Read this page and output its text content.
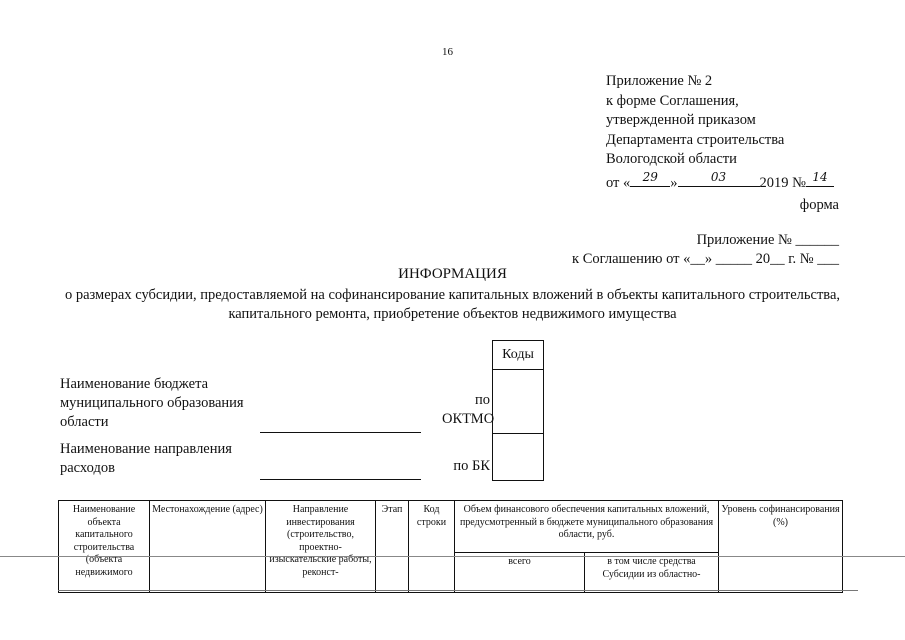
16
Приложение № 2
к форме Соглашения,
утвержденной приказом
Департамента строительства
Вологодской области
от «	29 »	03	2019 № 14
форма
Приложение № ______
к Соглашению от «__» _____ 20__ г. № ___
ИНФОРМАЦИЯ
о размерах субсидии, предоставляемой на софинансирование капитальных вложений в объекты капитального строительства, капитального ремонта, приобретение объектов недвижимого имущества
Коды

Наименование бюджета муниципального образования области
по ОКТМО
Наименование направления расходов	по БК
Наименование объекта капитального строительства (объекта недвижимого	Местонахождение (адрес)	Направление инвестирования (строительство, проектно-изыскательские работы, реконст-	Этап	Код строки	Объем финансового обеспечения капитальных вложений, предусмотренный в бюджете муниципального образования области, руб.		Уровень софинансирования (%)
					всего	в том числе средства Субсидии из областно-	
